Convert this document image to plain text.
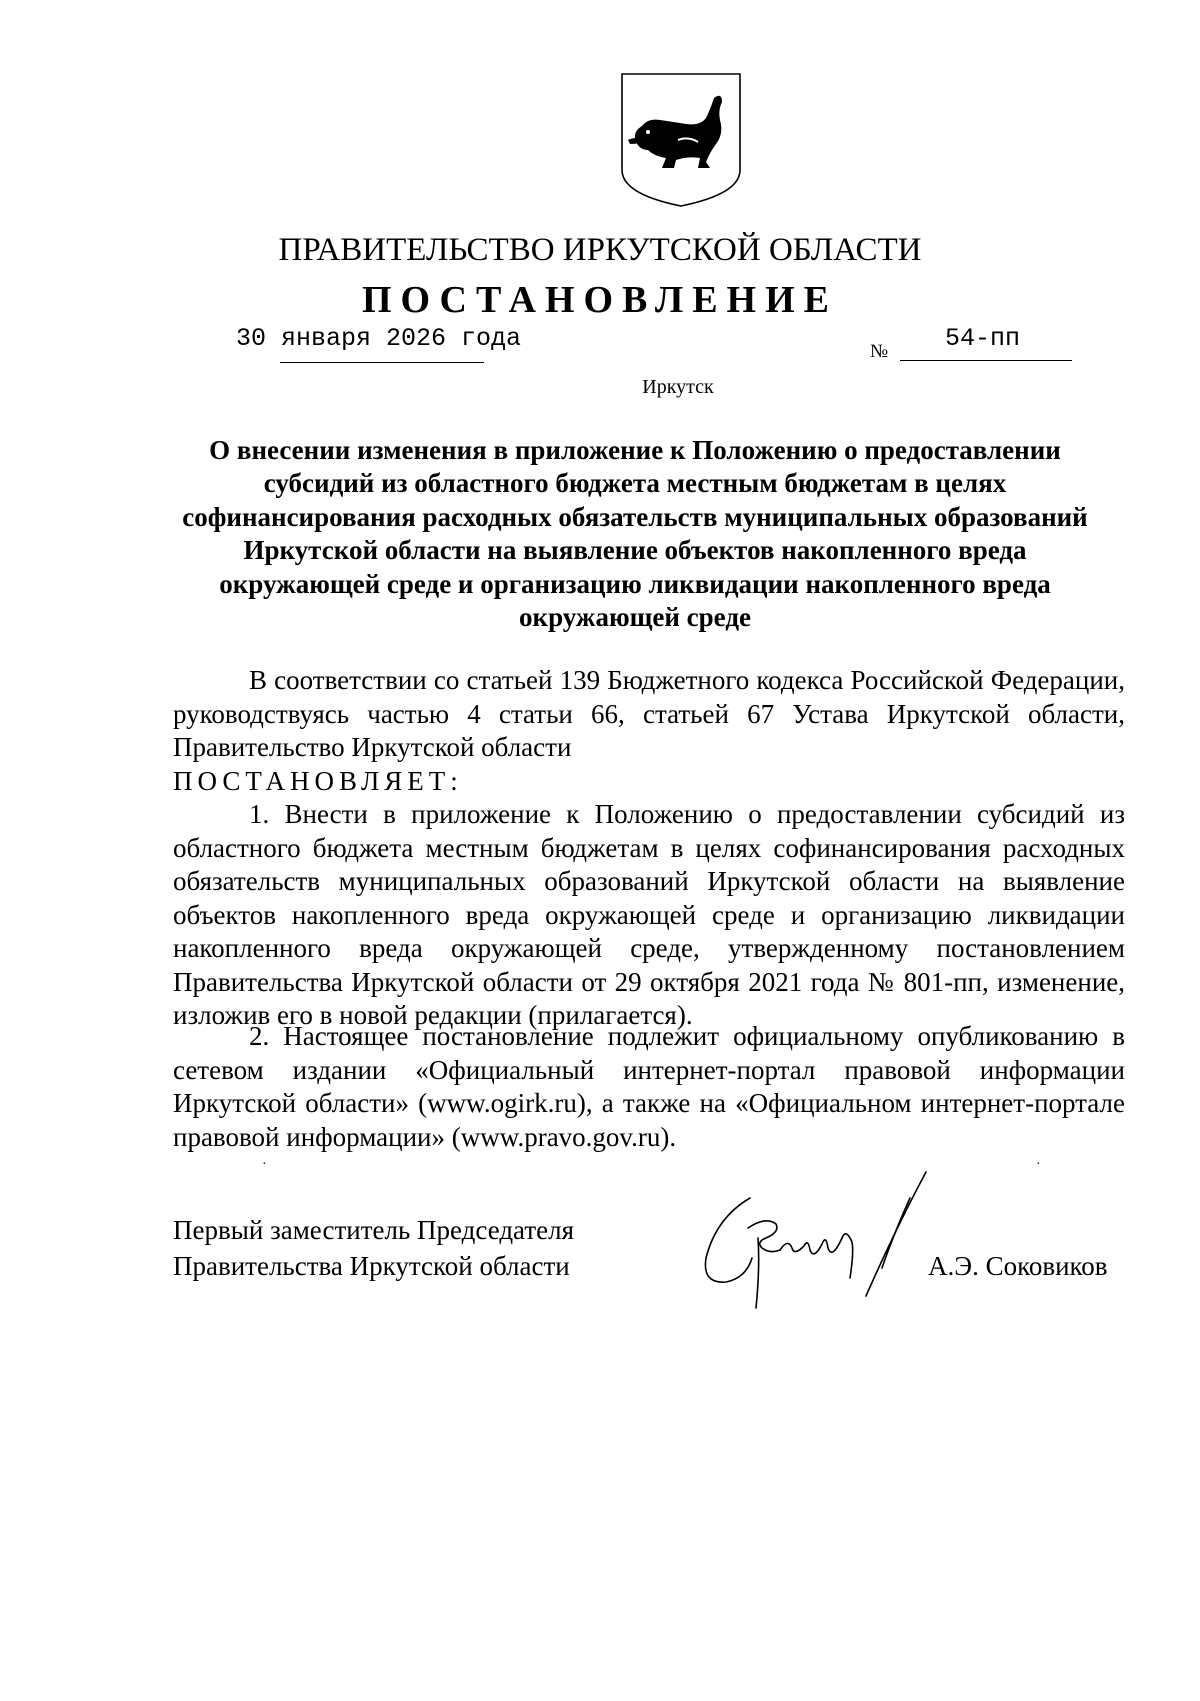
ПРАВИТЕЛЬСТВО ИРКУТСКОЙ ОБЛАСТИ
ПОСТАНОВЛЕНИЕ
30 января 2026 года	№ 54-пп
Иркутск
О внесении изменения в приложение к Положению о предоставлении субсидий из областного бюджета местным бюджетам в целях софинансирования расходных обязательств муниципальных образований Иркутской области на выявление объектов накопленного вреда окружающей среде и организацию ликвидации накопленного вреда окружающей среде
В соответствии со статьей 139 Бюджетного кодекса Российской Федерации, руководствуясь частью 4 статьи 66, статьей 67 Устава Иркутской области, Правительство Иркутской области
ПОСТАНОВЛЯЕТ:
1. Внести в приложение к Положению о предоставлении субсидий из областного бюджета местным бюджетам в целях софинансирования расходных обязательств муниципальных образований Иркутской области на выявление объектов накопленного вреда окружающей среде и организацию ликвидации накопленного вреда окружающей среде, утвержденному постановлением Правительства Иркутской области от 29 октября 2021 года № 801-пп, изменение, изложив его в новой редакции (прилагается).
2. Настоящее постановление подлежит официальному опубликованию в сетевом издании «Официальный интернет-портал правовой информации Иркутской области» (www.ogirk.ru), а также на «Официальном интернет-портале правовой информации» (www.pravo.gov.ru).
·	·
Первый заместитель Председателя
Правительства Иркутской области	А.Э. Соковиков
